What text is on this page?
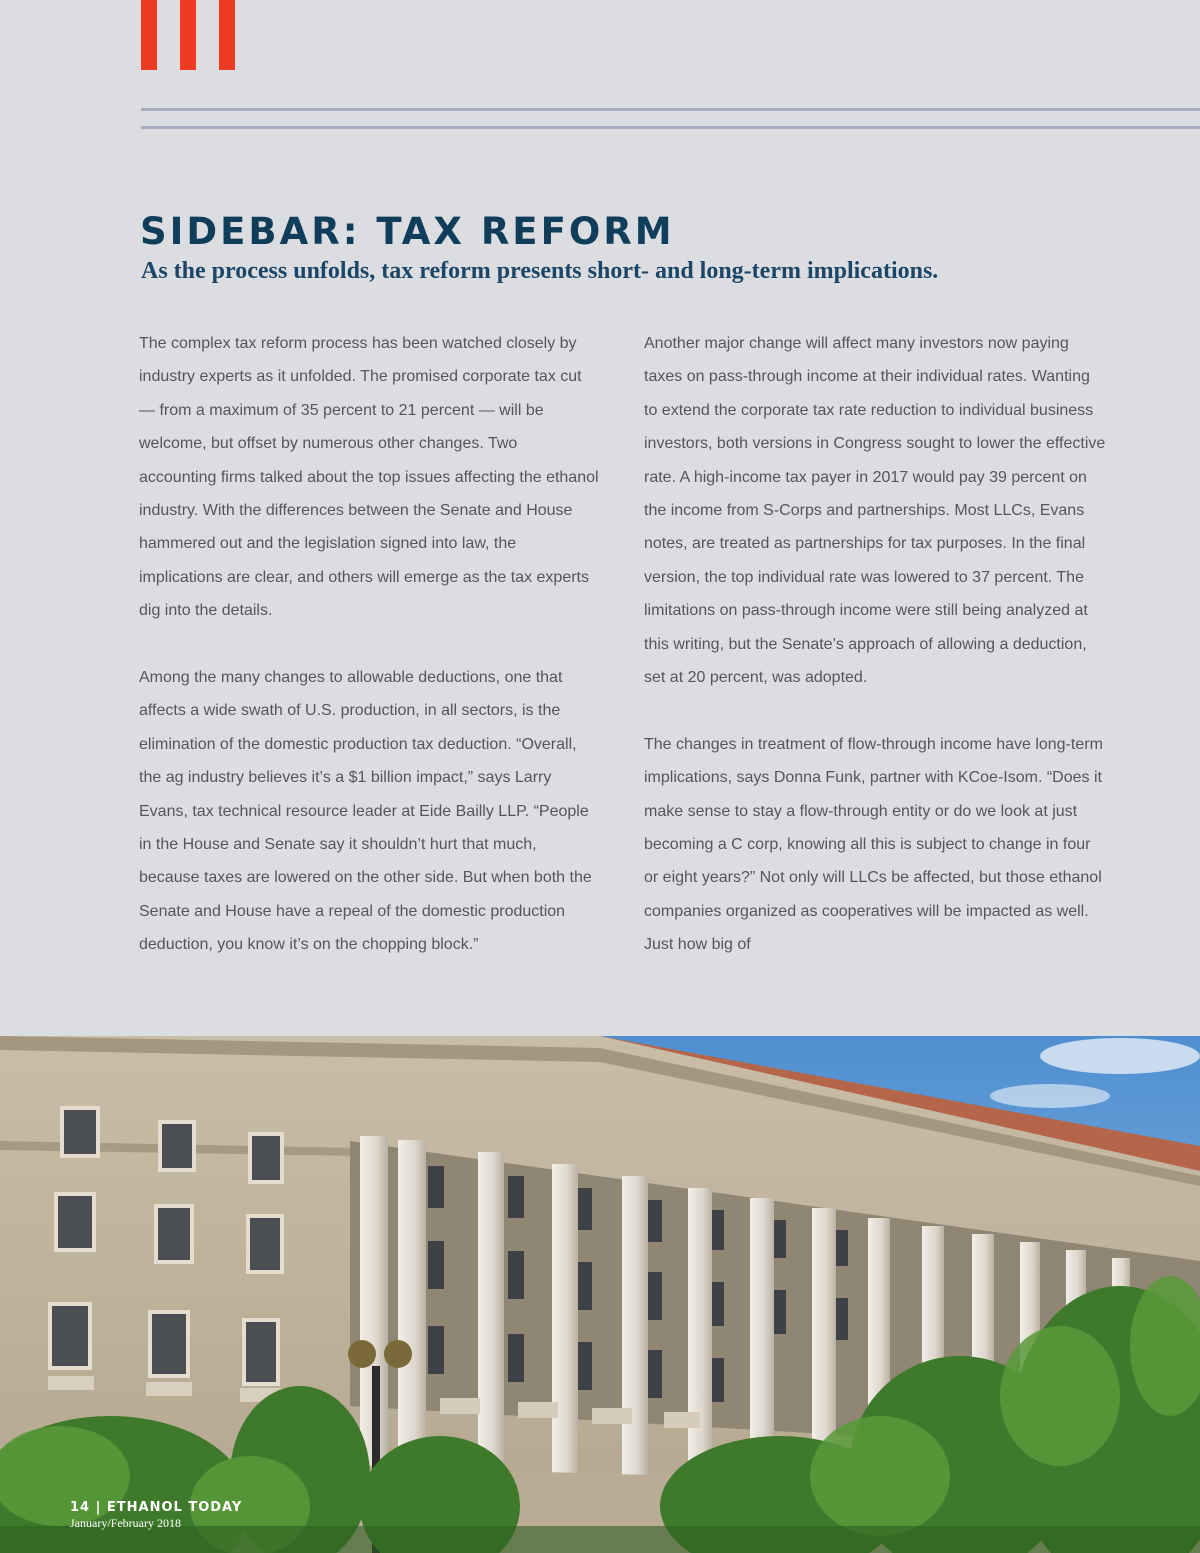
SIDEBAR: TAX REFORM
As the process unfolds, tax reform presents short- and long-term implications.

The complex tax reform process has been watched closely by industry experts as it unfolded. The promised corporate tax cut — from a maximum of 35 percent to 21 percent — will be welcome, but offset by numerous other changes. Two accounting firms talked about the top issues affecting the ethanol industry. With the differences between the Senate and House hammered out and the legislation signed into law, the implications are clear, and others will emerge as the tax experts dig into the details.

Among the many changes to allowable deductions, one that affects a wide swath of U.S. production, in all sectors, is the elimination of the domestic production tax deduction. “Overall, the ag industry believes it’s a $1 billion impact,” says Larry Evans, tax technical resource leader at Eide Bailly LLP. “People in the House and Senate say it shouldn’t hurt that much, because taxes are lowered on the other side. But when both the Senate and House have a repeal of the domestic production deduction, you know it’s on the chopping block.”

Another major change will affect many investors now paying taxes on pass-through income at their individual rates. Wanting to extend the corporate tax rate reduction to individual business investors, both versions in Congress sought to lower the effective rate. A high-income tax payer in 2017 would pay 39 percent on the income from S-Corps and partnerships. Most LLCs, Evans notes, are treated as partnerships for tax purposes. In the final version, the top individual rate was lowered to 37 percent. The limitations on pass-through income were still being analyzed at this writing, but the Senate’s approach of allowing a deduction, set at 20 percent, was adopted.

The changes in treatment of flow-through income have long-term implications, says Donna Funk, partner with KCoe-Isom. “Does it make sense to stay a flow-through entity or do we look at just becoming a C corp, knowing all this is subject to change in four or eight years?” Not only will LLCs be affected, but those ethanol companies organized as cooperatives will be impacted as well. Just how big of

14 | ETHANOL TODAY
January/February 2018
